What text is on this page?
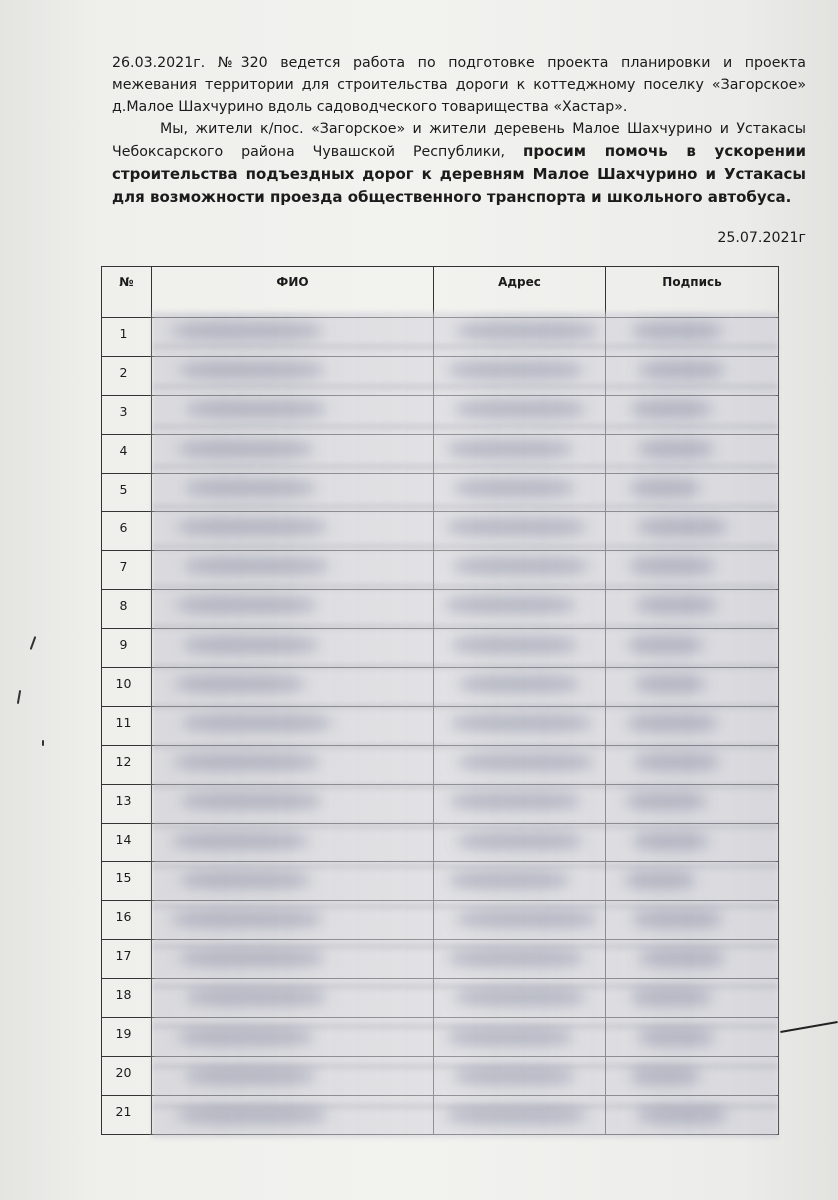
26.03.2021г. №320 ведется работа по подготовке проекта планировки и проекта межевания территории для строительства дороги к коттеджному поселку «Загорское» д.Малое Шахчурино вдоль садоводческого товарищества «Хастар».

Мы, жители к/пос. «Загорское» и жители деревень Малое Шахчурино и Устакасы Чебоксарского района Чувашской Республики, просим помочь в ускорении строительства подъездных дорог к деревням Малое Шахчурино и Устакасы для возможности проезда общественного транспорта и школьного автобуса.

25.07.2021г
№	ФИО	Адрес	Подпись
1			
2			
3			
4			
5			
6			
7			
8			
9			
10			
11			
12			
13			
14			
15			
16			
17			
18			
19			
20			
21			
